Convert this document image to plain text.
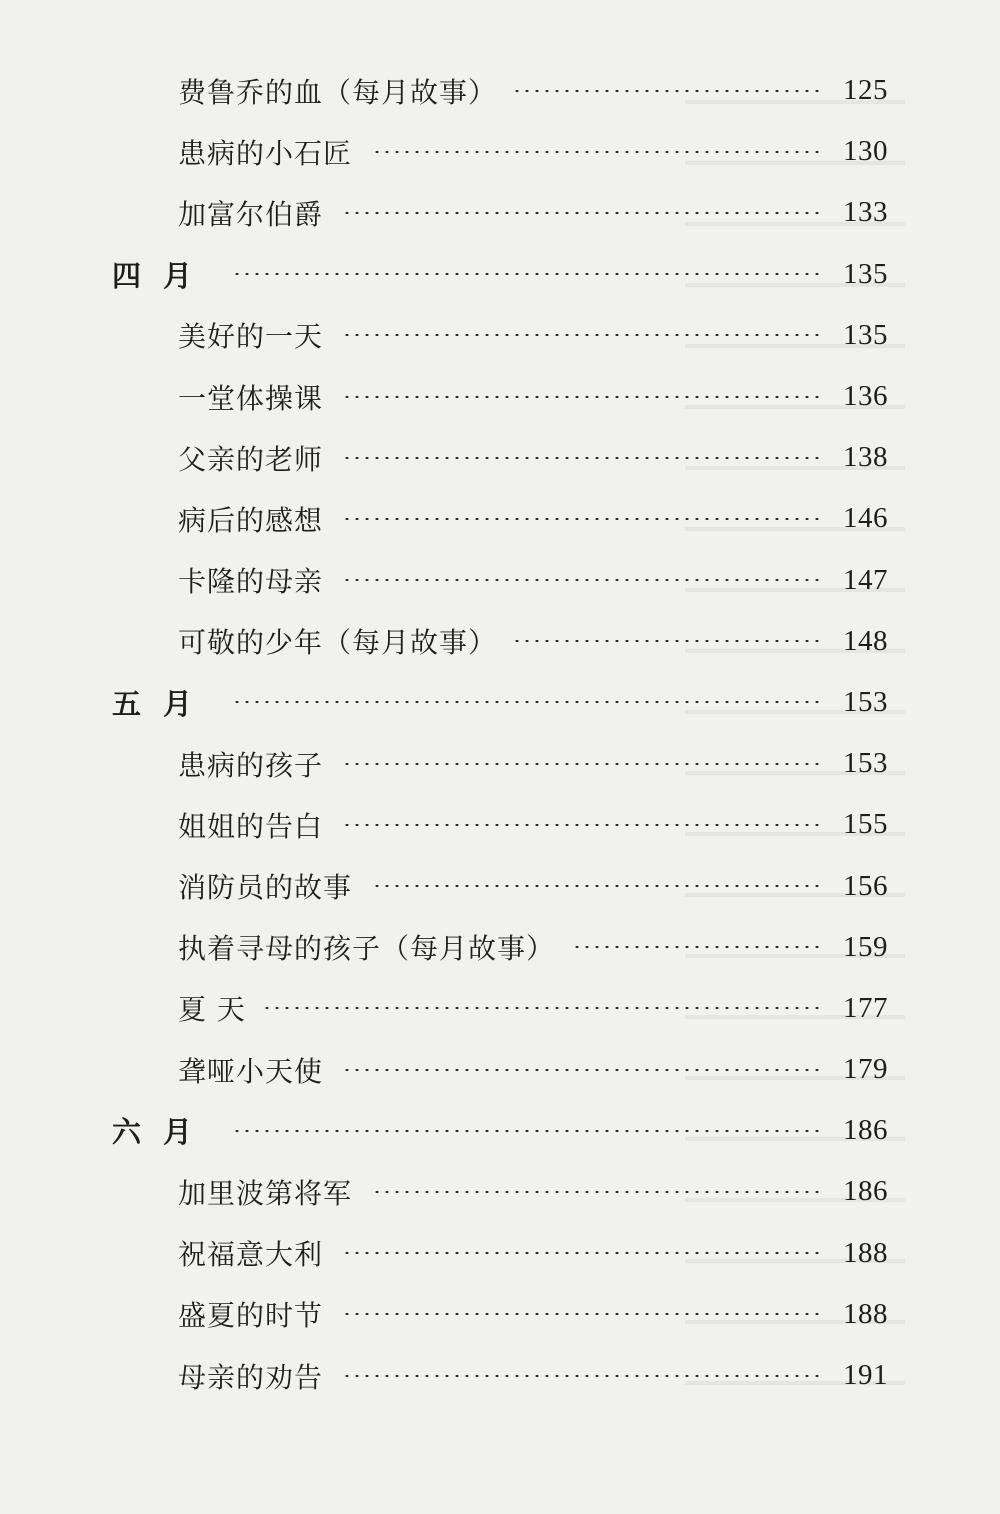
费鲁乔的血（每月故事）	125
患病的小石匠	130
加富尔伯爵	133
四月	135
美好的一天	135
一堂体操课	136
父亲的老师	138
病后的感想	146
卡隆的母亲	147
可敬的少年（每月故事）	148
五月	153
患病的孩子	153
姐姐的告白	155
消防员的故事	156
执着寻母的孩子（每月故事）	159
夏 天	177
聋哑小天使	179
六月	186
加里波第将军	186
祝福意大利	188
盛夏的时节	188
母亲的劝告	191
